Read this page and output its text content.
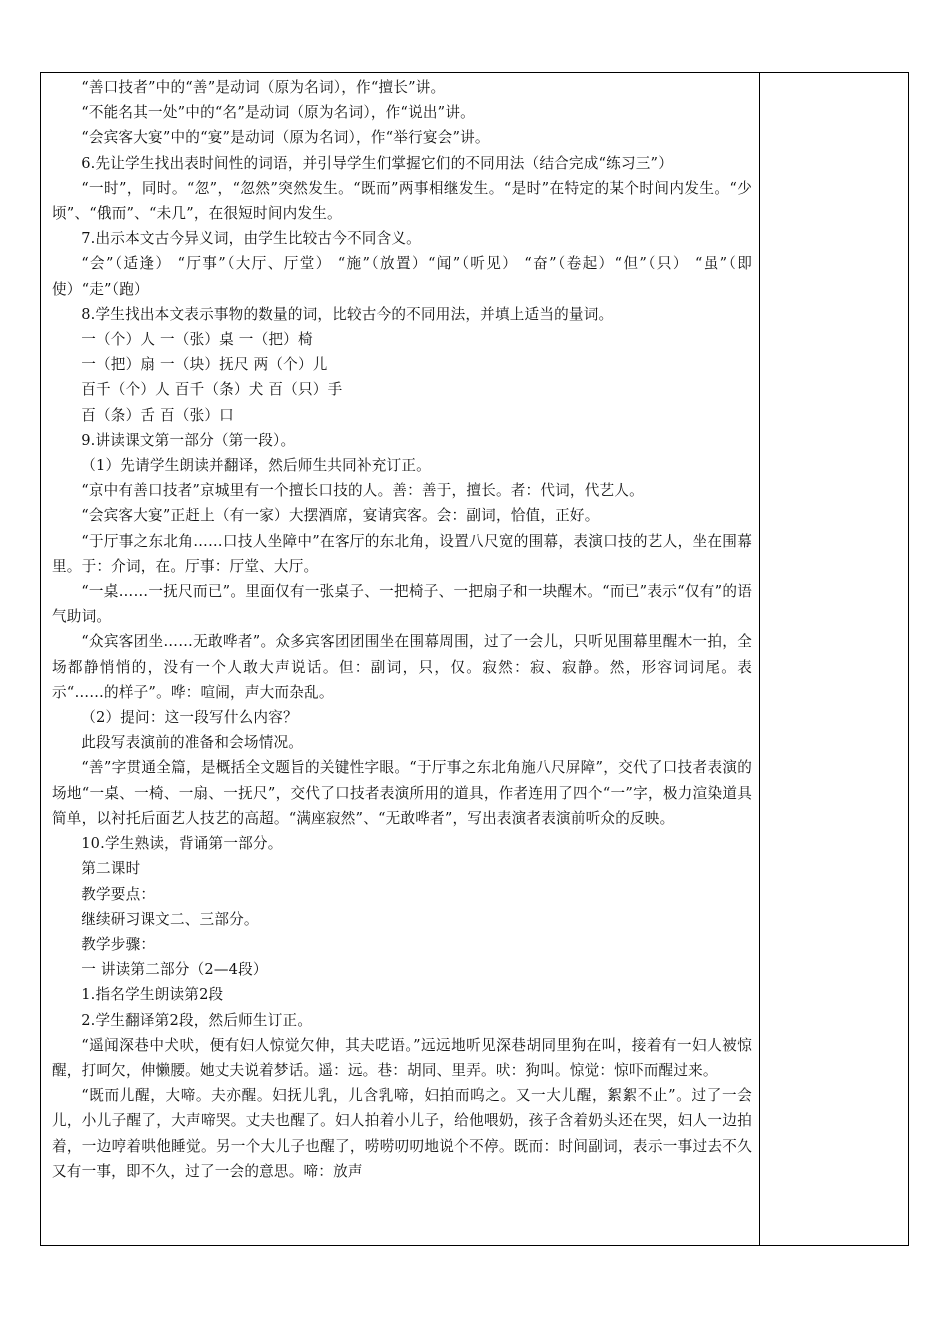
“善口技者”中的“善”是动词（原为名词），作“擅长”讲。

“不能名其一处”中的“名”是动词（原为名词），作“说出”讲。

“会宾客大宴”中的“宴”是动词（原为名词），作“举行宴会”讲。

6.先让学生找出表时间性的词语，并引导学生们掌握它们的不同用法（结合完成“练习三”）

“一时”，同时。“忽”，“忽然”突然发生。“既而”两事相继发生。“是时”在特定的某个时间内发生。“少顷”、“俄而”、“未几”，在很短时间内发生。

7.出示本文古今异义词，由学生比较古今不同含义。

“会”（适逢） “厅事”（大厅、厅堂） “施”（放置）“闻”（听见） “奋”（卷起）“但”（只） “虽”（即使）“走”（跑）

8.学生找出本文表示事物的数量的词，比较古今的不同用法，并填上适当的量词。

一（个）人 一（张）桌 一（把）椅

一（把）扇 一（块）抚尺 两（个）儿

百千（个）人 百千（条）犬 百（只）手

百（条）舌 百（张）口

9.讲读课文第一部分（第一段）。

（1）先请学生朗读并翻译，然后师生共同补充订正。

“京中有善口技者”京城里有一个擅长口技的人。善：善于，擅长。者：代词，代艺人。

“会宾客大宴”正赶上（有一家）大摆酒席，宴请宾客。会：副词，恰值，正好。

“于厅事之东北角……口技人坐障中”在客厅的东北角，设置八尺宽的围幕，表演口技的艺人，坐在围幕里。于：介词，在。厅事：厅堂、大厅。

“一桌……一抚尺而已”。里面仅有一张桌子、一把椅子、一把扇子和一块醒木。“而已”表示“仅有”的语气助词。

“众宾客团坐……无敢哗者”。众多宾客团团围坐在围幕周围，过了一会儿，只听见围幕里醒木一拍，全场都静悄悄的，没有一个人敢大声说话。但：副词，只，仅。寂然：寂、寂静。然，形容词词尾。表示“……的样子”。哗：喧闹，声大而杂乱。

（2）提问：这一段写什么内容？

此段写表演前的准备和会场情况。

“善”字贯通全篇，是概括全文题旨的关键性字眼。“于厅事之东北角施八尺屏障”，交代了口技者表演的场地“一桌、一椅、一扇、一抚尺”，交代了口技者表演所用的道具，作者连用了四个“一”字，极力渲染道具简单，以衬托后面艺人技艺的高超。“满座寂然”、“无敢哗者”，写出表演者表演前听众的反映。

10.学生熟读，背诵第一部分。

第二课时

教学要点：

继续研习课文二、三部分。

教学步骤：

一 讲读第二部分（2—4段）

1.指名学生朗读第2段

2.学生翻译第2段，然后师生订正。

“遥闻深巷中犬吠，便有妇人惊觉欠伸，其夫呓语。”远远地听见深巷胡同里狗在叫，接着有一妇人被惊醒，打呵欠，伸懒腰。她丈夫说着梦话。遥：远。巷：胡同、里弄。吠：狗叫。惊觉：惊吓而醒过来。

“既而儿醒，大啼。夫亦醒。妇抚儿乳，儿含乳啼，妇拍而呜之。又一大儿醒，絮絮不止”。过了一会儿，小儿子醒了，大声啼哭。丈夫也醒了。妇人拍着小儿子，给他喂奶，孩子含着奶头还在哭，妇人一边拍着，一边哼着哄他睡觉。另一个大儿子也醒了，唠唠叨叨地说个不停。既而：时间副词，表示一事过去不久又有一事，即不久，过了一会的意思。啼：放声
